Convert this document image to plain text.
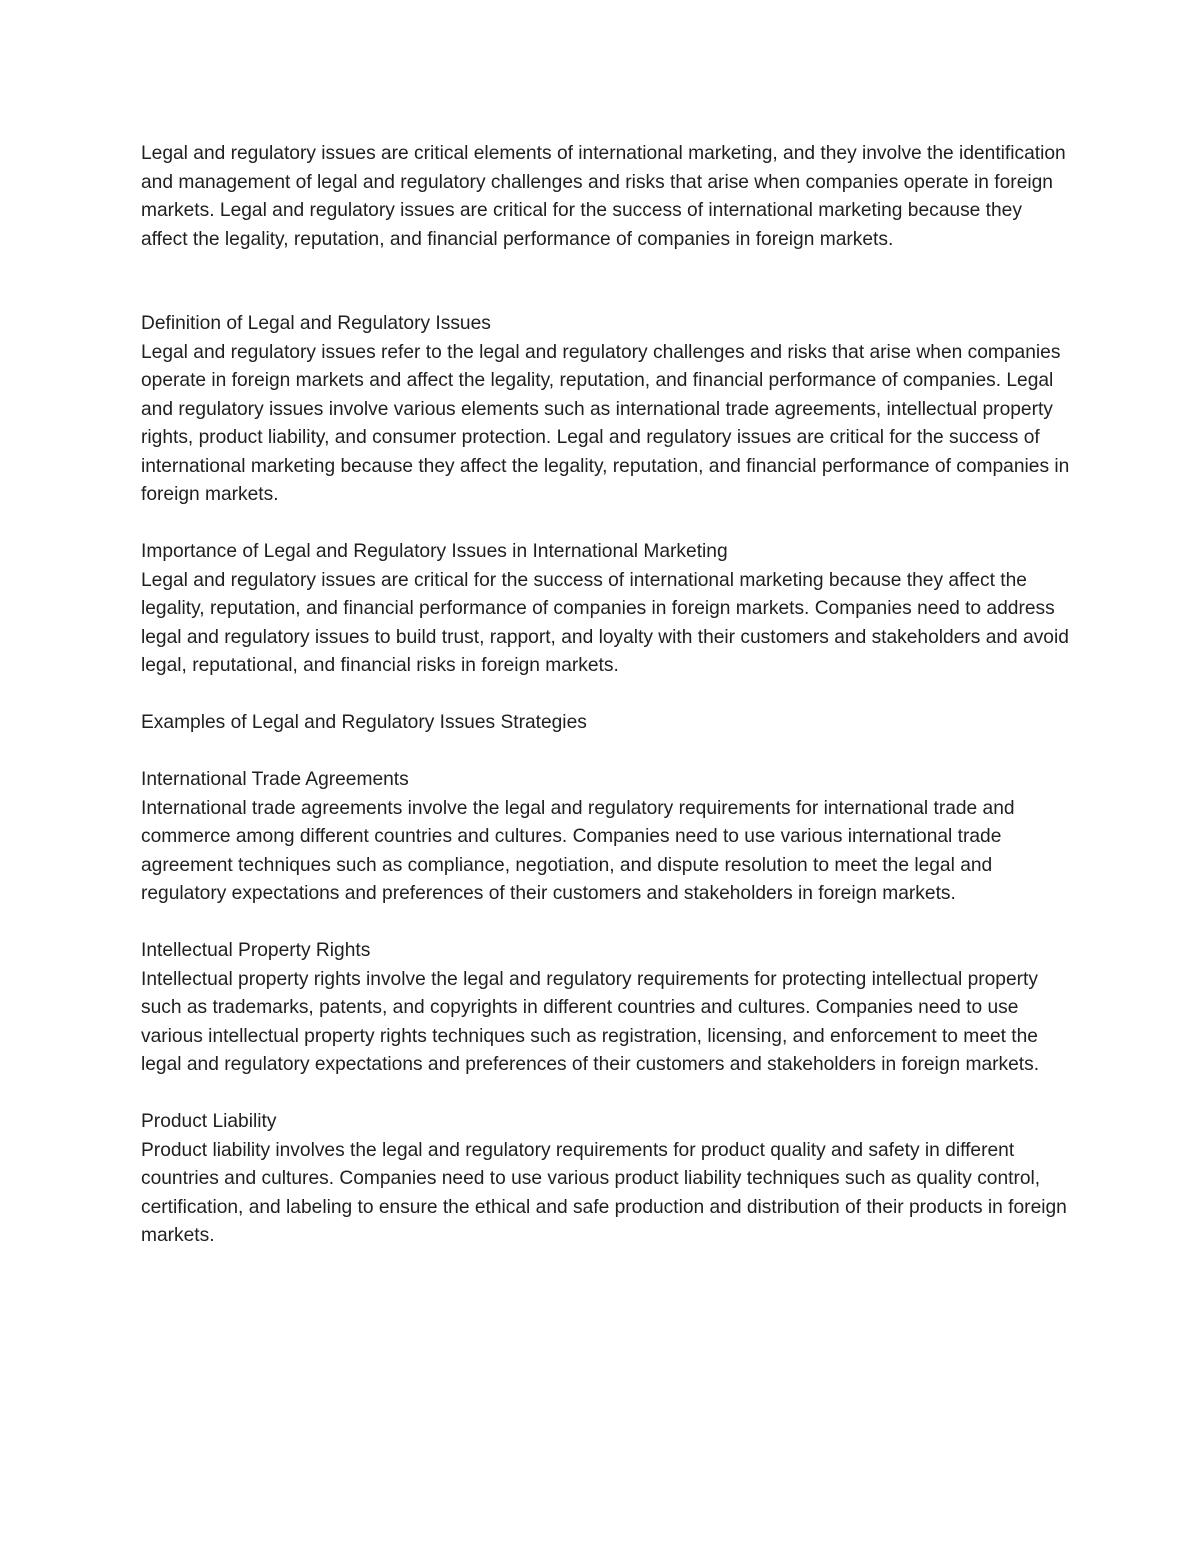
Legal and regulatory issues are critical elements of international marketing, and they involve the identification and management of legal and regulatory challenges and risks that arise when companies operate in foreign markets. Legal and regulatory issues are critical for the success of international marketing because they affect the legality, reputation, and financial performance of companies in foreign markets.

Definition of Legal and Regulatory Issues
Legal and regulatory issues refer to the legal and regulatory challenges and risks that arise when companies operate in foreign markets and affect the legality, reputation, and financial performance of companies. Legal and regulatory issues involve various elements such as international trade agreements, intellectual property rights, product liability, and consumer protection. Legal and regulatory issues are critical for the success of international marketing because they affect the legality, reputation, and financial performance of companies in foreign markets.
Importance of Legal and Regulatory Issues in International Marketing
Legal and regulatory issues are critical for the success of international marketing because they affect the legality, reputation, and financial performance of companies in foreign markets. Companies need to address legal and regulatory issues to build trust, rapport, and loyalty with their customers and stakeholders and avoid legal, reputational, and financial risks in foreign markets.
Examples of Legal and Regulatory Issues Strategies
International Trade Agreements
International trade agreements involve the legal and regulatory requirements for international trade and commerce among different countries and cultures. Companies need to use various international trade agreement techniques such as compliance, negotiation, and dispute resolution to meet the legal and regulatory expectations and preferences of their customers and stakeholders in foreign markets.
Intellectual Property Rights
Intellectual property rights involve the legal and regulatory requirements for protecting intellectual property such as trademarks, patents, and copyrights in different countries and cultures. Companies need to use various intellectual property rights techniques such as registration, licensing, and enforcement to meet the legal and regulatory expectations and preferences of their customers and stakeholders in foreign markets.
Product Liability
Product liability involves the legal and regulatory requirements for product quality and safety in different countries and cultures. Companies need to use various product liability techniques such as quality control, certification, and labeling to ensure the ethical and safe production and distribution of their products in foreign markets.
